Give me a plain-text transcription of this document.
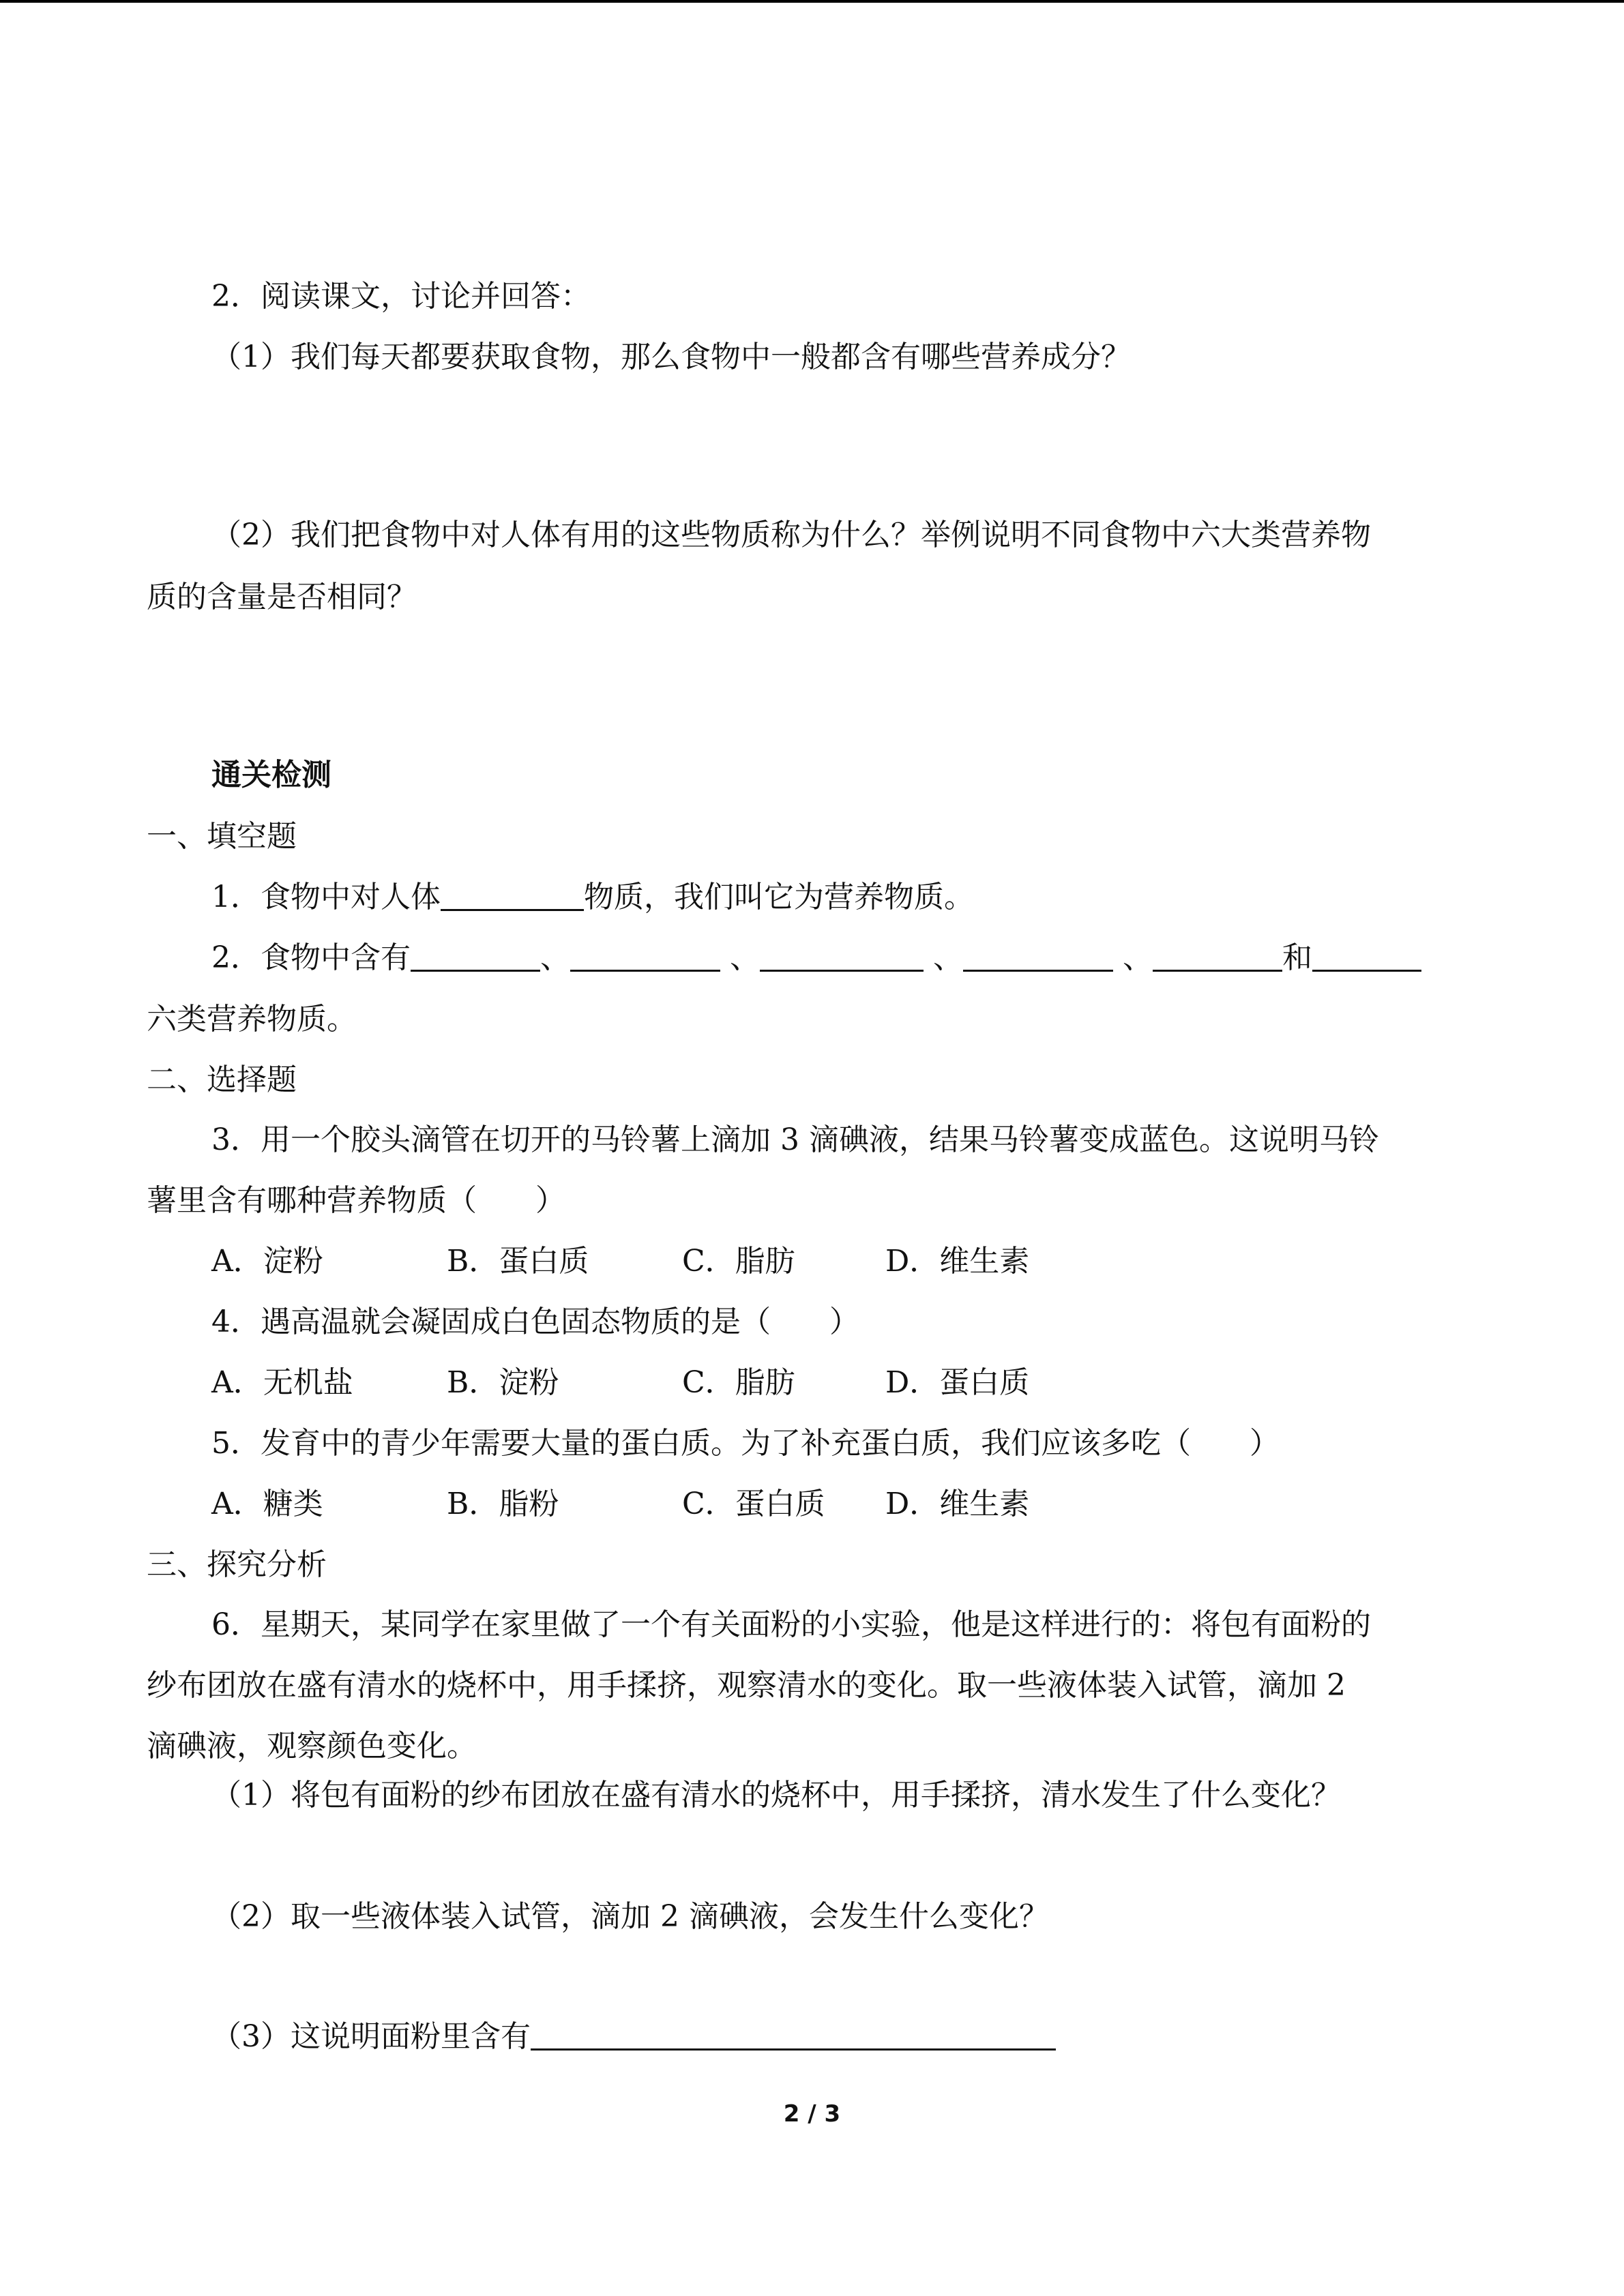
2．阅读课文，讨论并回答：
（1）我们每天都要获取食物，那么食物中一般都含有哪些营养成分？
（2）我们把食物中对人体有用的这些物质称为什么？举例说明不同食物中六大类营养物
质的含量是否相同？
通关检测
一、填空题
1．食物中对人体	物质，我们叫它为营养物质。
2．食物中含有	、	、	、	、	和
六类营养物质。
二、选择题
3．用一个胶头滴管在切开的马铃薯上滴加 3 滴碘液，结果马铃薯变成蓝色。这说明马铃
薯里含有哪种营养物质（ ）
A．淀粉	B．蛋白质	C．脂肪	D．维生素
4．遇高温就会凝固成白色固态物质的是（ ）
A．无机盐	B．淀粉	C．脂肪	D．蛋白质
5．发育中的青少年需要大量的蛋白质。为了补充蛋白质，我们应该多吃（ ）
A．糖类	B．脂粉	C．蛋白质 D．维生素
三、探究分析
6．星期天，某同学在家里做了一个有关面粉的小实验，他是这样进行的：将包有面粉的
纱布团放在盛有清水的烧杯中，用手揉挤，观察清水的变化。取一些液体装入试管，滴加 2
滴碘液，观察颜色变化。
（1）将包有面粉的纱布团放在盛有清水的烧杯中，用手揉挤，清水发生了什么变化？
（2）取一些液体装入试管，滴加 2 滴碘液，会发生什么变化？
（3）这说明面粉里含有
2 / 3
